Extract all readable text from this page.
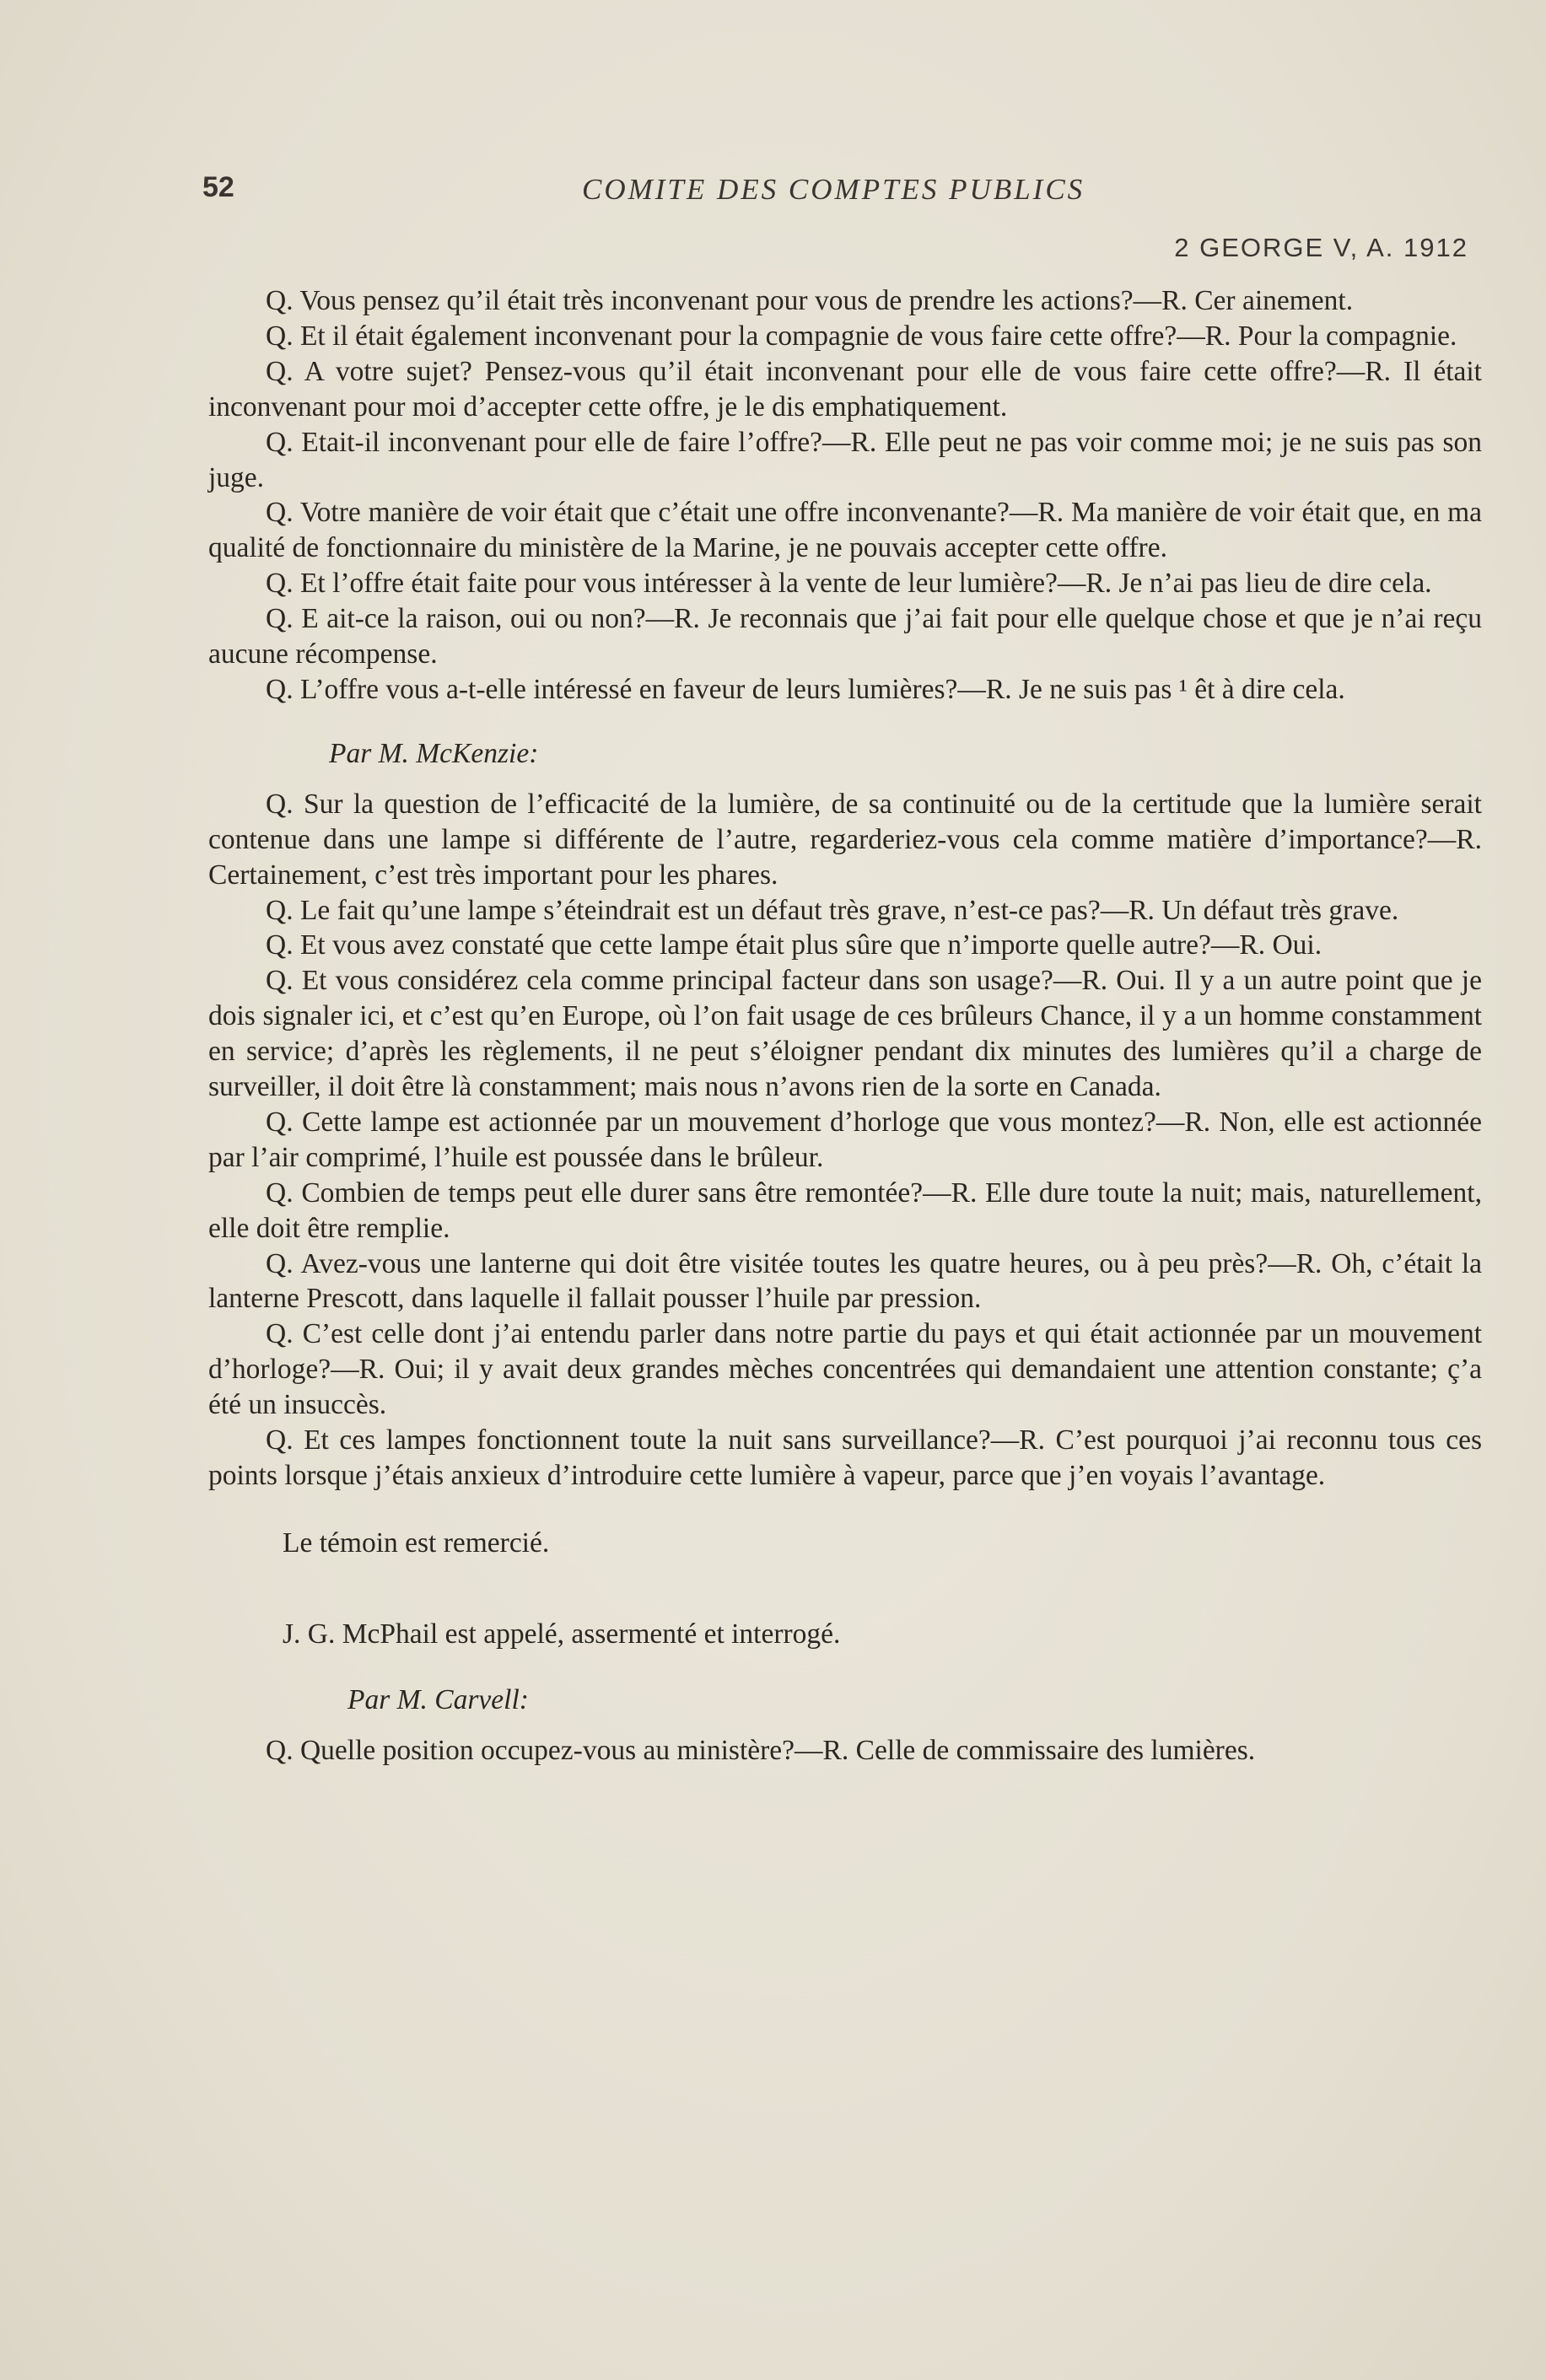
52	COMITE DES COMPTES PUBLICS
2 GEORGE V, A. 1912

Q. Vous pensez qu’il était très inconvenant pour vous de prendre les actions?—R. Cer ainement.

Q. Et il était également inconvenant pour la compagnie de vous faire cette offre?—R. Pour la compagnie.

Q. A votre sujet? Pensez-vous qu’il était inconvenant pour elle de vous faire cette offre?—R. Il était inconvenant pour moi d’accepter cette offre, je le dis emphatiquement.

Q. Etait-il inconvenant pour elle de faire l’offre?—R. Elle peut ne pas voir comme moi; je ne suis pas son juge.

Q. Votre manière de voir était que c’était une offre inconvenante?—R. Ma manière de voir était que, en ma qualité de fonctionnaire du ministère de la Marine, je ne pouvais accepter cette offre.

Q. Et l’offre était faite pour vous intéresser à la vente de leur lumière?—R. Je n’ai pas lieu de dire cela.

Q. E ait-ce la raison, oui ou non?—R. Je reconnais que j’ai fait pour elle quelque chose et que je n’ai reçu aucune récompense.

Q. L’offre vous a-t-elle intéressé en faveur de leurs lumières?—R. Je ne suis pas ¹ êt à dire cela.

Par M. McKenzie:

Q. Sur la question de l’efficacité de la lumière, de sa continuité ou de la certitude que la lumière serait contenue dans une lampe si différente de l’autre, regarderiez-vous cela comme matière d’importance?—R. Certainement, c’est très important pour les phares.

Q. Le fait qu’une lampe s’éteindrait est un défaut très grave, n’est-ce pas?—R. Un défaut très grave.

Q. Et vous avez constaté que cette lampe était plus sûre que n’importe quelle autre?—R. Oui.

Q. Et vous considérez cela comme principal facteur dans son usage?—R. Oui. Il y a un autre point que je dois signaler ici, et c’est qu’en Europe, où l’on fait usage de ces brûleurs Chance, il y a un homme constamment en service; d’après les règlements, il ne peut s’éloigner pendant dix minutes des lumières qu’il a charge de surveiller, il doit être là constamment; mais nous n’avons rien de la sorte en Canada.

Q. Cette lampe est actionnée par un mouvement d’horloge que vous montez?—R. Non, elle est actionnée par l’air comprimé, l’huile est poussée dans le brûleur.

Q. Combien de temps peut elle durer sans être remontée?—R. Elle dure toute la nuit; mais, naturellement, elle doit être remplie.

Q. Avez-vous une lanterne qui doit être visitée toutes les quatre heures, ou à peu près?—R. Oh, c’était la lanterne Prescott, dans laquelle il fallait pousser l’huile par pression.

Q. C’est celle dont j’ai entendu parler dans notre partie du pays et qui était actionnée par un mouvement d’horloge?—R. Oui; il y avait deux grandes mèches concentrées qui demandaient une attention constante; ç’a été un insuccès.

Q. Et ces lampes fonctionnent toute la nuit sans surveillance?—R. C’est pourquoi j’ai reconnu tous ces points lorsque j’étais anxieux d’introduire cette lumière à vapeur, parce que j’en voyais l’avantage.

Le témoin est remercié.

J. G. McPhail est appelé, assermenté et interrogé.

Par M. Carvell:

Q. Quelle position occupez-vous au ministère?—R. Celle de commissaire des lumières.
